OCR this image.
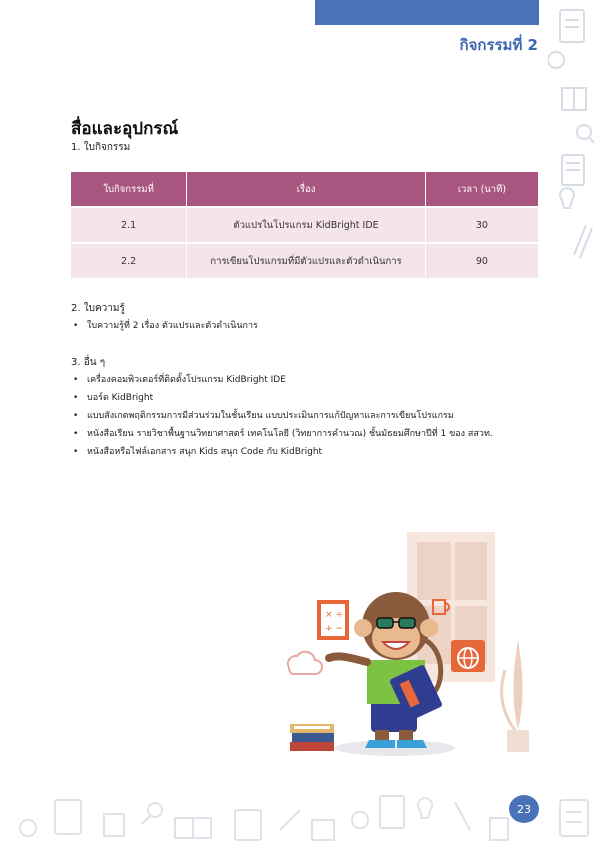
กิจกรรมที่ 2
สื่อและอุปกรณ์
1. ใบกิจกรรม
ใบกิจกรรมที่	เรื่อง	เวลา (นาที)
2.1	ตัวแปรในโปรแกรม KidBright IDE	30
2.2	การเขียนโปรแกรมที่มีตัวแปรและตัวดำเนินการ	90
2. ใบความรู้
• ใบความรู้ที่ 2 เรื่อง ตัวแปรและตัวดำเนินการ
3. อื่น ๆ
• เครื่องคอมพิวเตอร์ที่ติดตั้งโปรแกรม KidBright IDE
• บอร์ด KidBright
• แบบสังเกตพฤติกรรมการมีส่วนร่วมในชั้นเรียน แบบประเมินการแก้ปัญหาและการเขียนโปรแกรม
• หนังสือเรียน รายวิชาพื้นฐานวิทยาศาสตร์ เทคโนโลยี (วิทยาการคำนวณ) ชั้นมัธยมศึกษาปีที่ 1 ของ สสวท.
• หนังสือหรือไฟล์เอกสาร สนุก Kids สนุก Code กับ KidBright
× ÷
+ −
23
